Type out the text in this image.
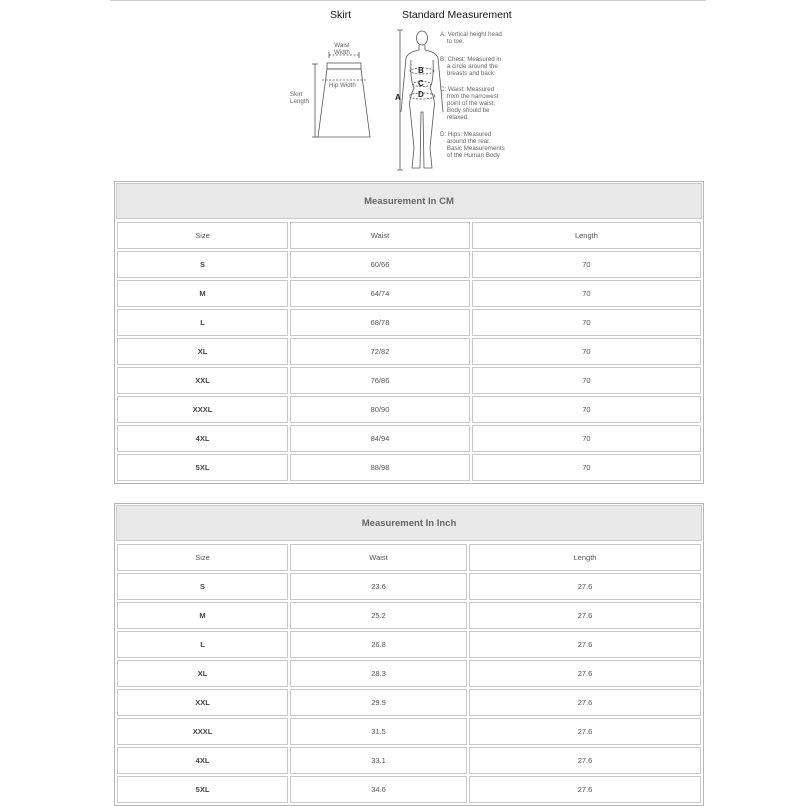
Skirt	Standard Measurement
Waist
Width
Hip Width
Skirt
Length	A
B
C
D
A: Vertical height head
to toe.
B: Chest: Measured in
a circle around the
breasts and back.
C: Waist: Measured
from the narrowest
point of the waist,
Body should be
relaxed.
D: Hips: Measured
around the rear.
Basic Measurements
of the Human Body
Measurement In CM
Size	Waist	Length
S	60/66	70
M	64/74	70
L	68/78	70
XL	72/82	70
XXL	76/86	70
XXXL	80/90	70
4XL	84/94	70
5XL	88/98	70
Measurement In Inch
Size	Waist	Length
S	23.6	27.6
M	25.2	27.6
L	26.8	27.6
XL	28.3	27.6
XXL	29.9	27.6
XXXL	31.5	27.6
4XL	33.1	27.6
5XL	34.6	27.6
